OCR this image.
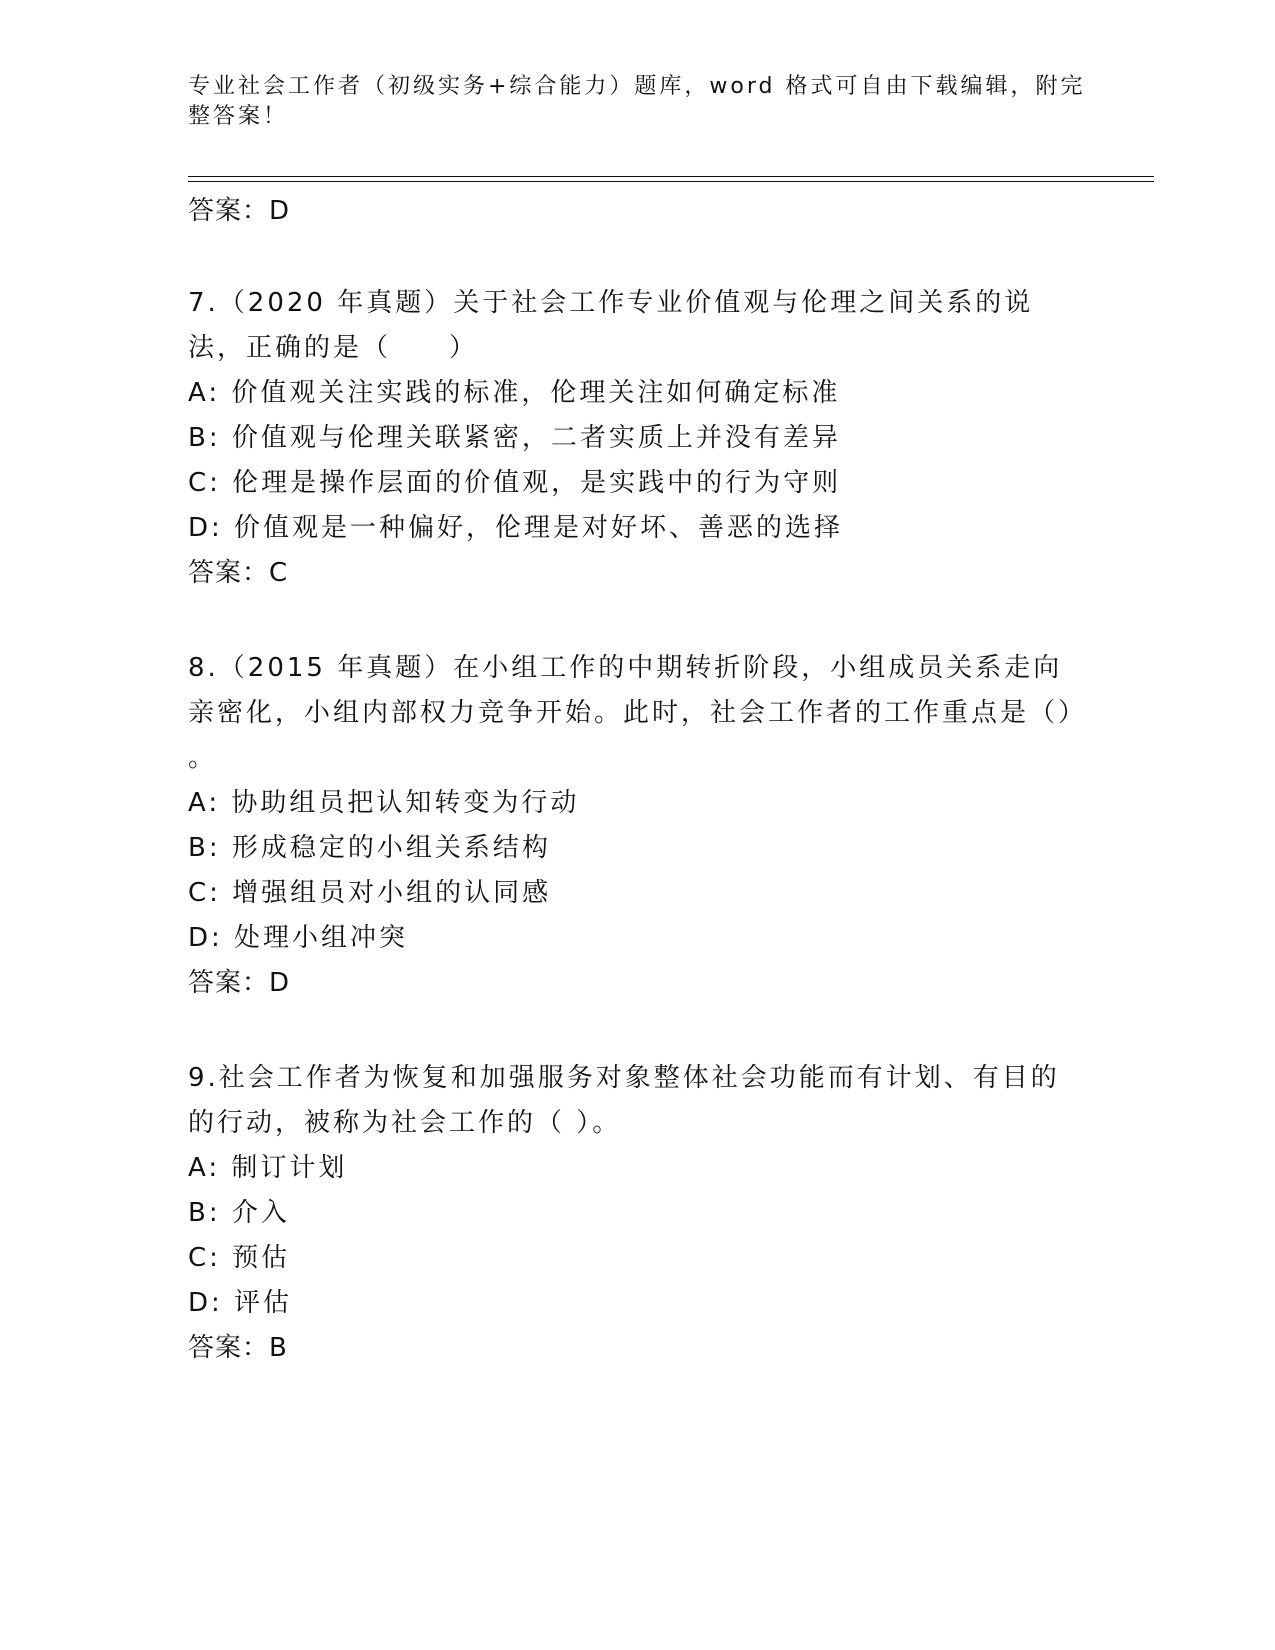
专业社会工作者（初级实务+综合能力）题库，word 格式可自由下载编辑，附完整答案！
答案：D
7.（2020 年真题）关于社会工作专业价值观与伦理之间关系的说法，正确的是（　　）
A: 价值观关注实践的标准，伦理关注如何确定标准
B: 价值观与伦理关联紧密，二者实质上并没有差异
C: 伦理是操作层面的价值观，是实践中的行为守则
D: 价值观是一种偏好，伦理是对好坏、善恶的选择
答案：C
8.（2015 年真题）在小组工作的中期转折阶段，小组成员关系走向亲密化，小组内部权力竞争开始。此时，社会工作者的工作重点是（）
。
A: 协助组员把认知转变为行动
B: 形成稳定的小组关系结构
C: 增强组员对小组的认同感
D: 处理小组冲突
答案：D
9.社会工作者为恢复和加强服务对象整体社会功能而有计划、有目的的行动，被称为社会工作的（ ）。
A: 制订计划
B: 介入
C: 预估
D: 评估
答案：B
